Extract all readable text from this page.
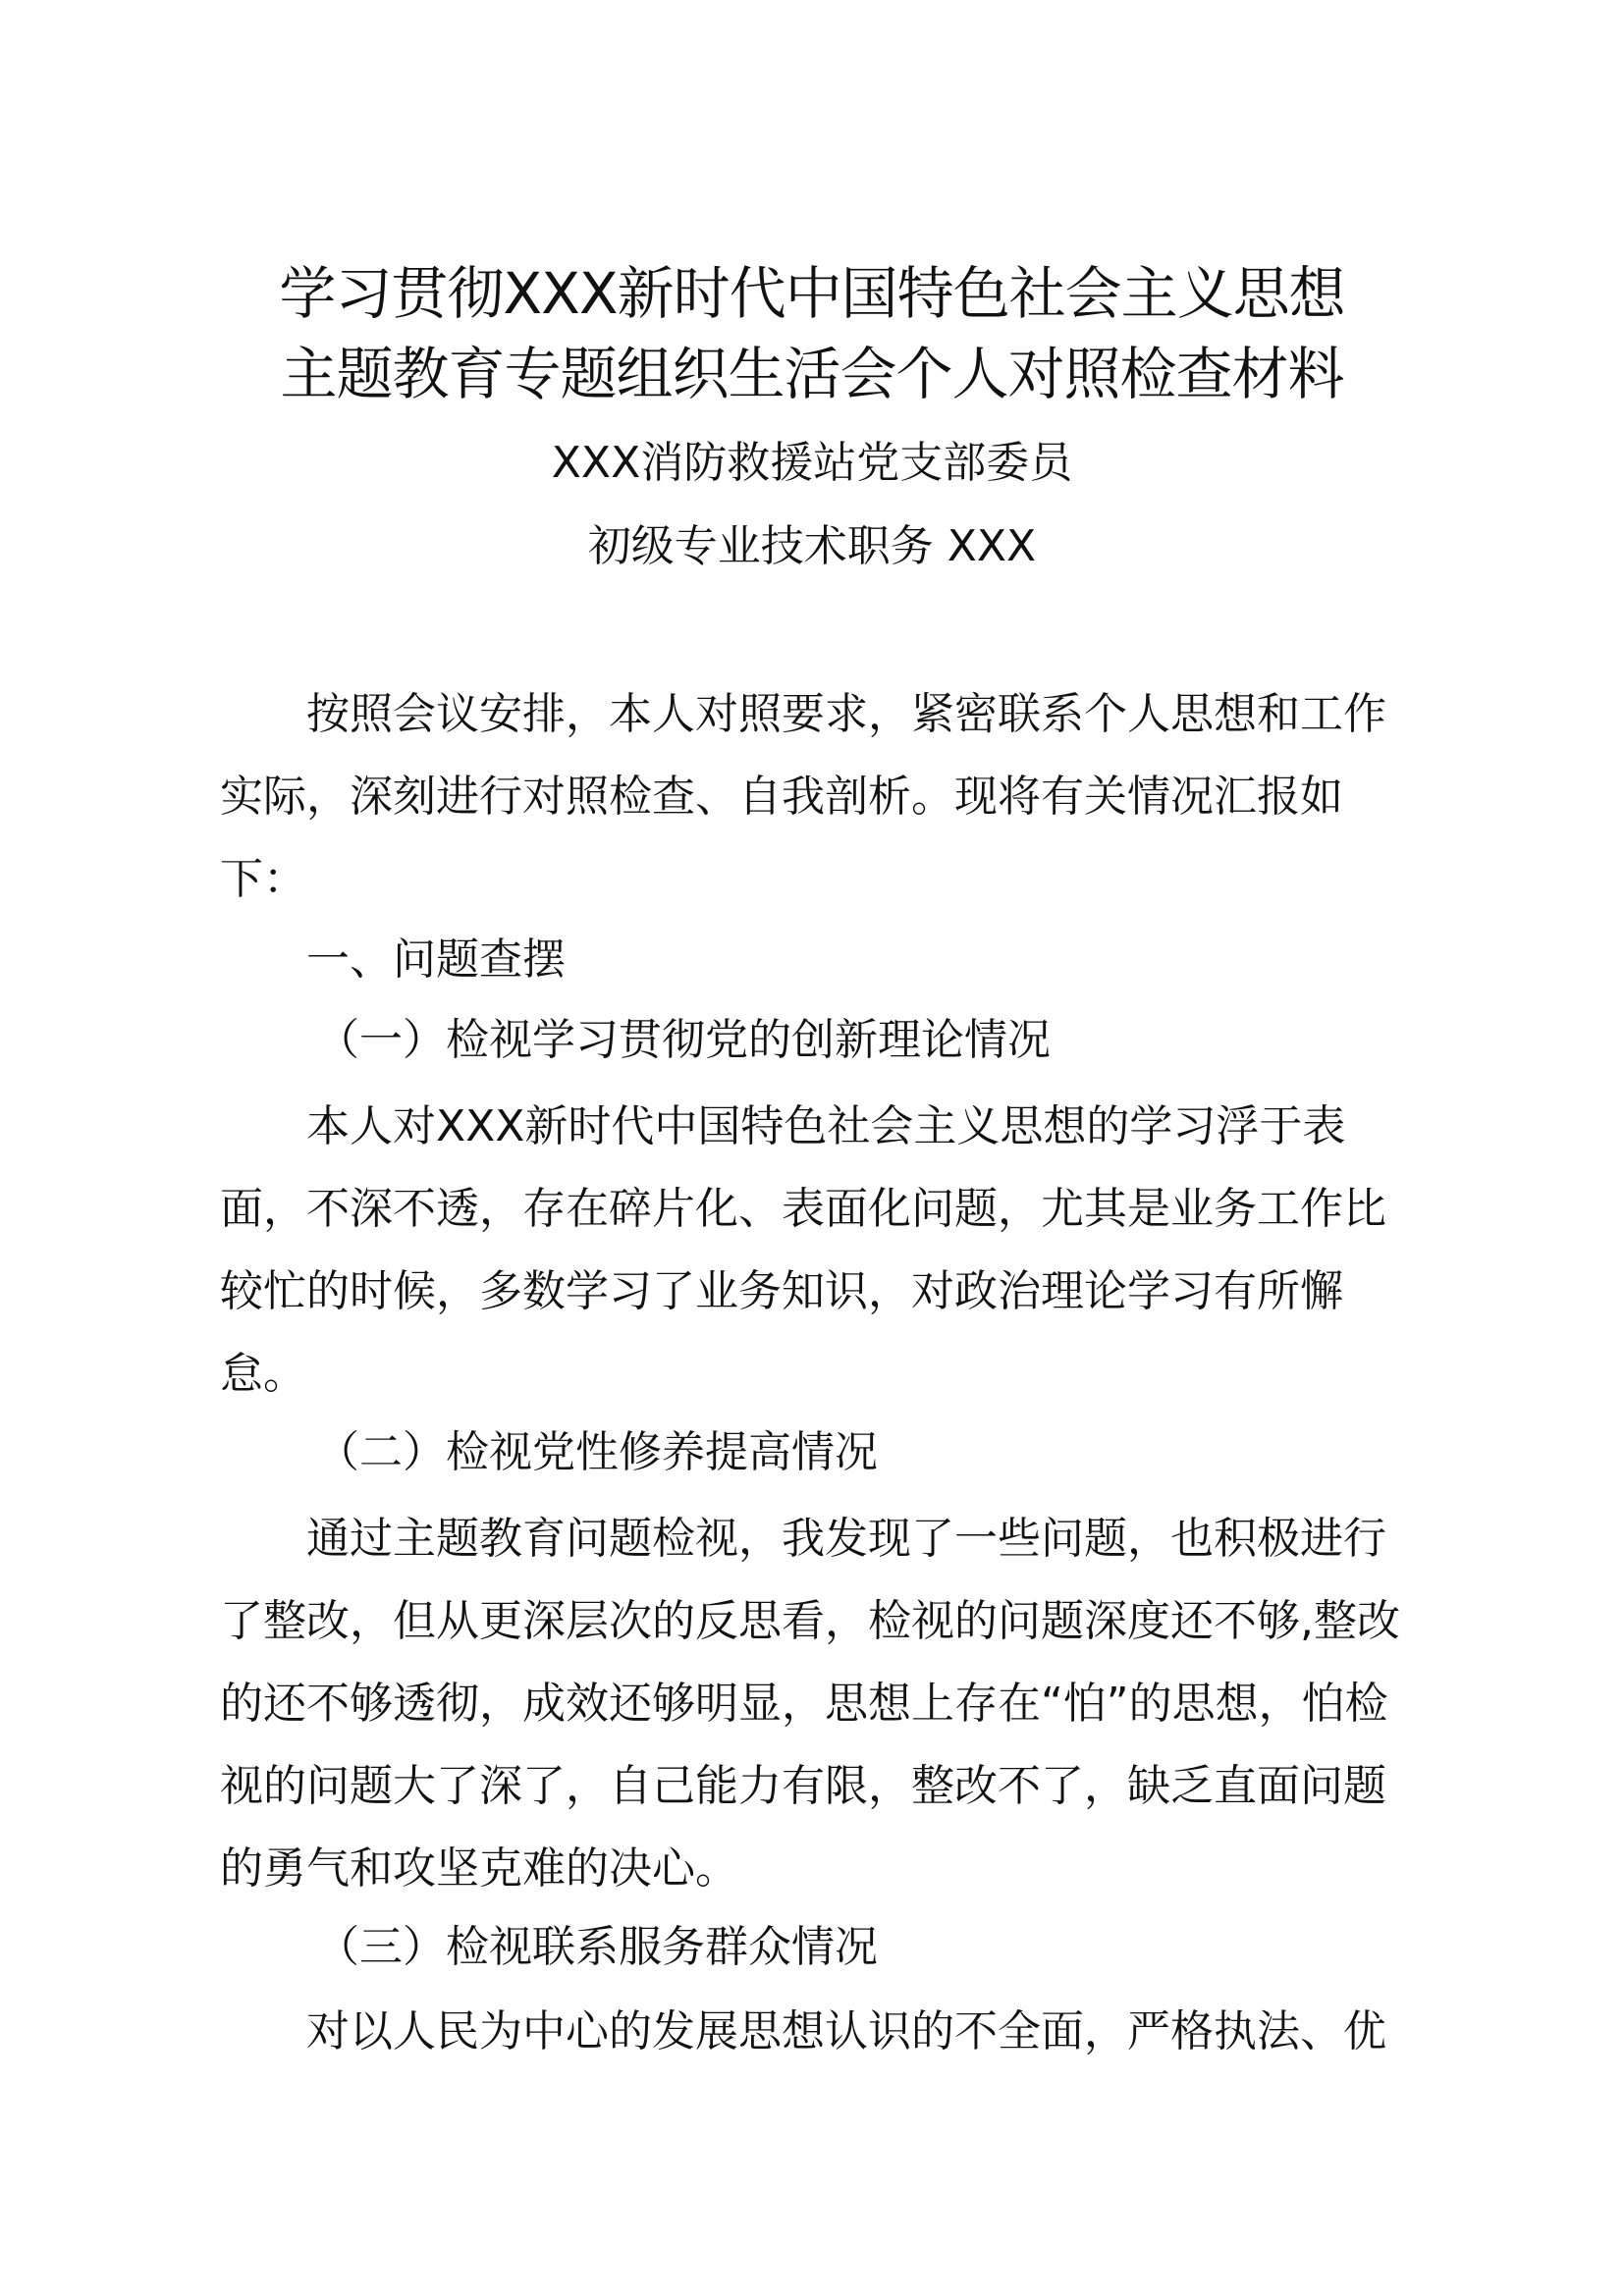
学习贯彻XXX新时代中国特色社会主义思想
主题教育专题组织生活会个人对照检查材料
XXX消防救援站党支部委员
初级专业技术职务 XXX

按照会议安排，本人对照要求，紧密联系个人思想和工作实际，深刻进行对照检查、自我剖析。现将有关情况汇报如下：

一、问题查摆
（一）检视学习贯彻党的创新理论情况

本人对XXX新时代中国特色社会主义思想的学习浮于表面，不深不透，存在碎片化、表面化问题，尤其是业务工作比较忙的时候，多数学习了业务知识，对政治理论学习有所懈怠。

（二）检视党性修养提高情况

通过主题教育问题检视，我发现了一些问题，也积极进行了整改，但从更深层次的反思看，检视的问题深度还不够,整改的还不够透彻，成效还够明显，思想上存在“怕”的思想，怕检视的问题大了深了，自己能力有限，整改不了，缺乏直面问题的勇气和攻坚克难的决心。

（三）检视联系服务群众情况

对以人民为中心的发展思想认识的不全面，严格执法、优
